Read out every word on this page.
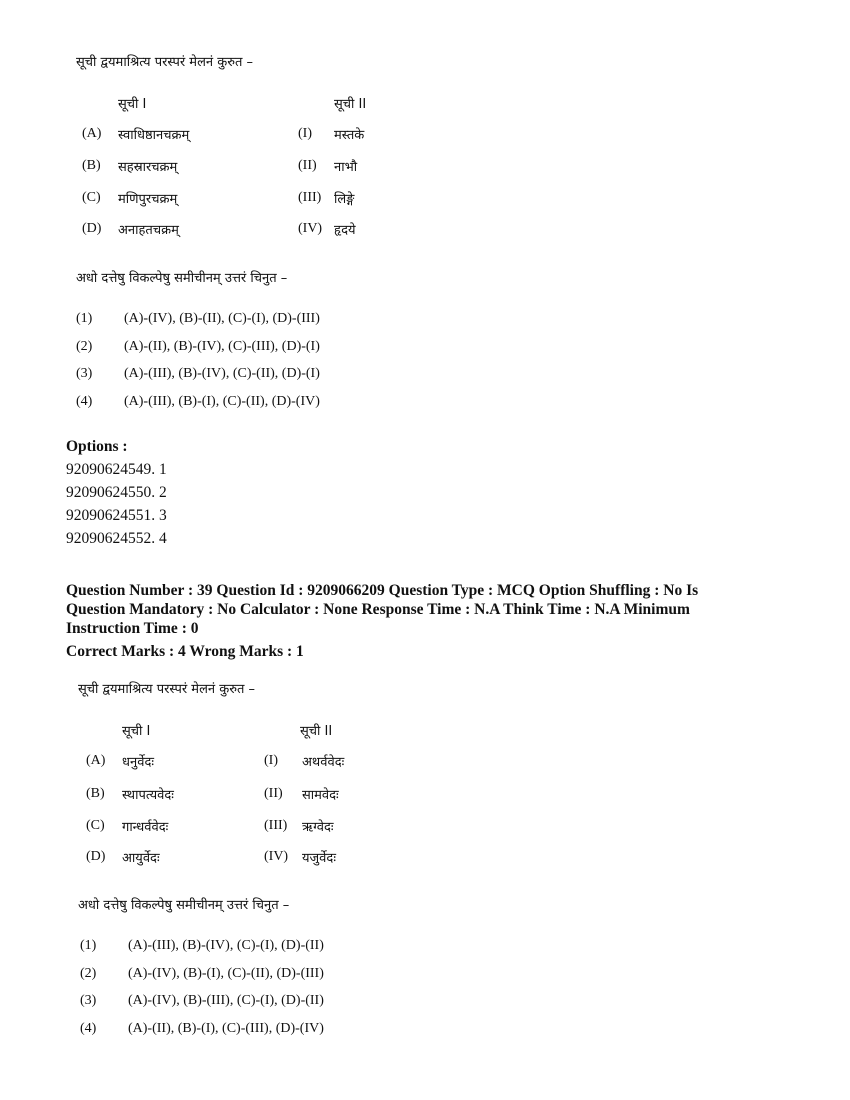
सूची द्वयमाश्रित्य परस्परं मेलनं कुरुत –
सूची I	सूची II
(A) स्वाधिष्ठानचक्रम्	(I) मस्तके
(B) सहस्रारचक्रम्	(II) नाभौ
(C) मणिपुरचक्रम्	(III) लिङ्गे
(D) अनाहतचक्रम्	(IV) हृदये
अधो दत्तेषु विकल्पेषु समीचीनम् उत्तरं चिनुत –
(1) (A)-(IV), (B)-(II), (C)-(I), (D)-(III)
(2) (A)-(II), (B)-(IV), (C)-(III), (D)-(I)
(3) (A)-(III), (B)-(IV), (C)-(II), (D)-(I)
(4) (A)-(III), (B)-(I), (C)-(II), (D)-(IV)
Options :
92090624549. 1
92090624550. 2
92090624551. 3
92090624552. 4
Question Number : 39 Question Id : 9209066209 Question Type : MCQ Option Shuffling : No Is
Question Mandatory : No Calculator : None Response Time : N.A Think Time : N.A Minimum
Instruction Time : 0
Correct Marks : 4 Wrong Marks : 1
सूची द्वयमाश्रित्य परस्परं मेलनं कुरुत –
सूची I	सूची II
(A) धनुर्वेदः	(I) अथर्ववेदः
(B) स्थापत्यवेदः	(II) सामवेदः
(C) गान्धर्ववेदः	(III) ऋग्वेदः
(D) आयुर्वेदः	(IV) यजुर्वेदः
अधो दत्तेषु विकल्पेषु समीचीनम् उत्तरं चिनुत –
(1) (A)-(III), (B)-(IV), (C)-(I), (D)-(II)
(2) (A)-(IV), (B)-(I), (C)-(II), (D)-(III)
(3) (A)-(IV), (B)-(III), (C)-(I), (D)-(II)
(4) (A)-(II), (B)-(I), (C)-(III), (D)-(IV)
